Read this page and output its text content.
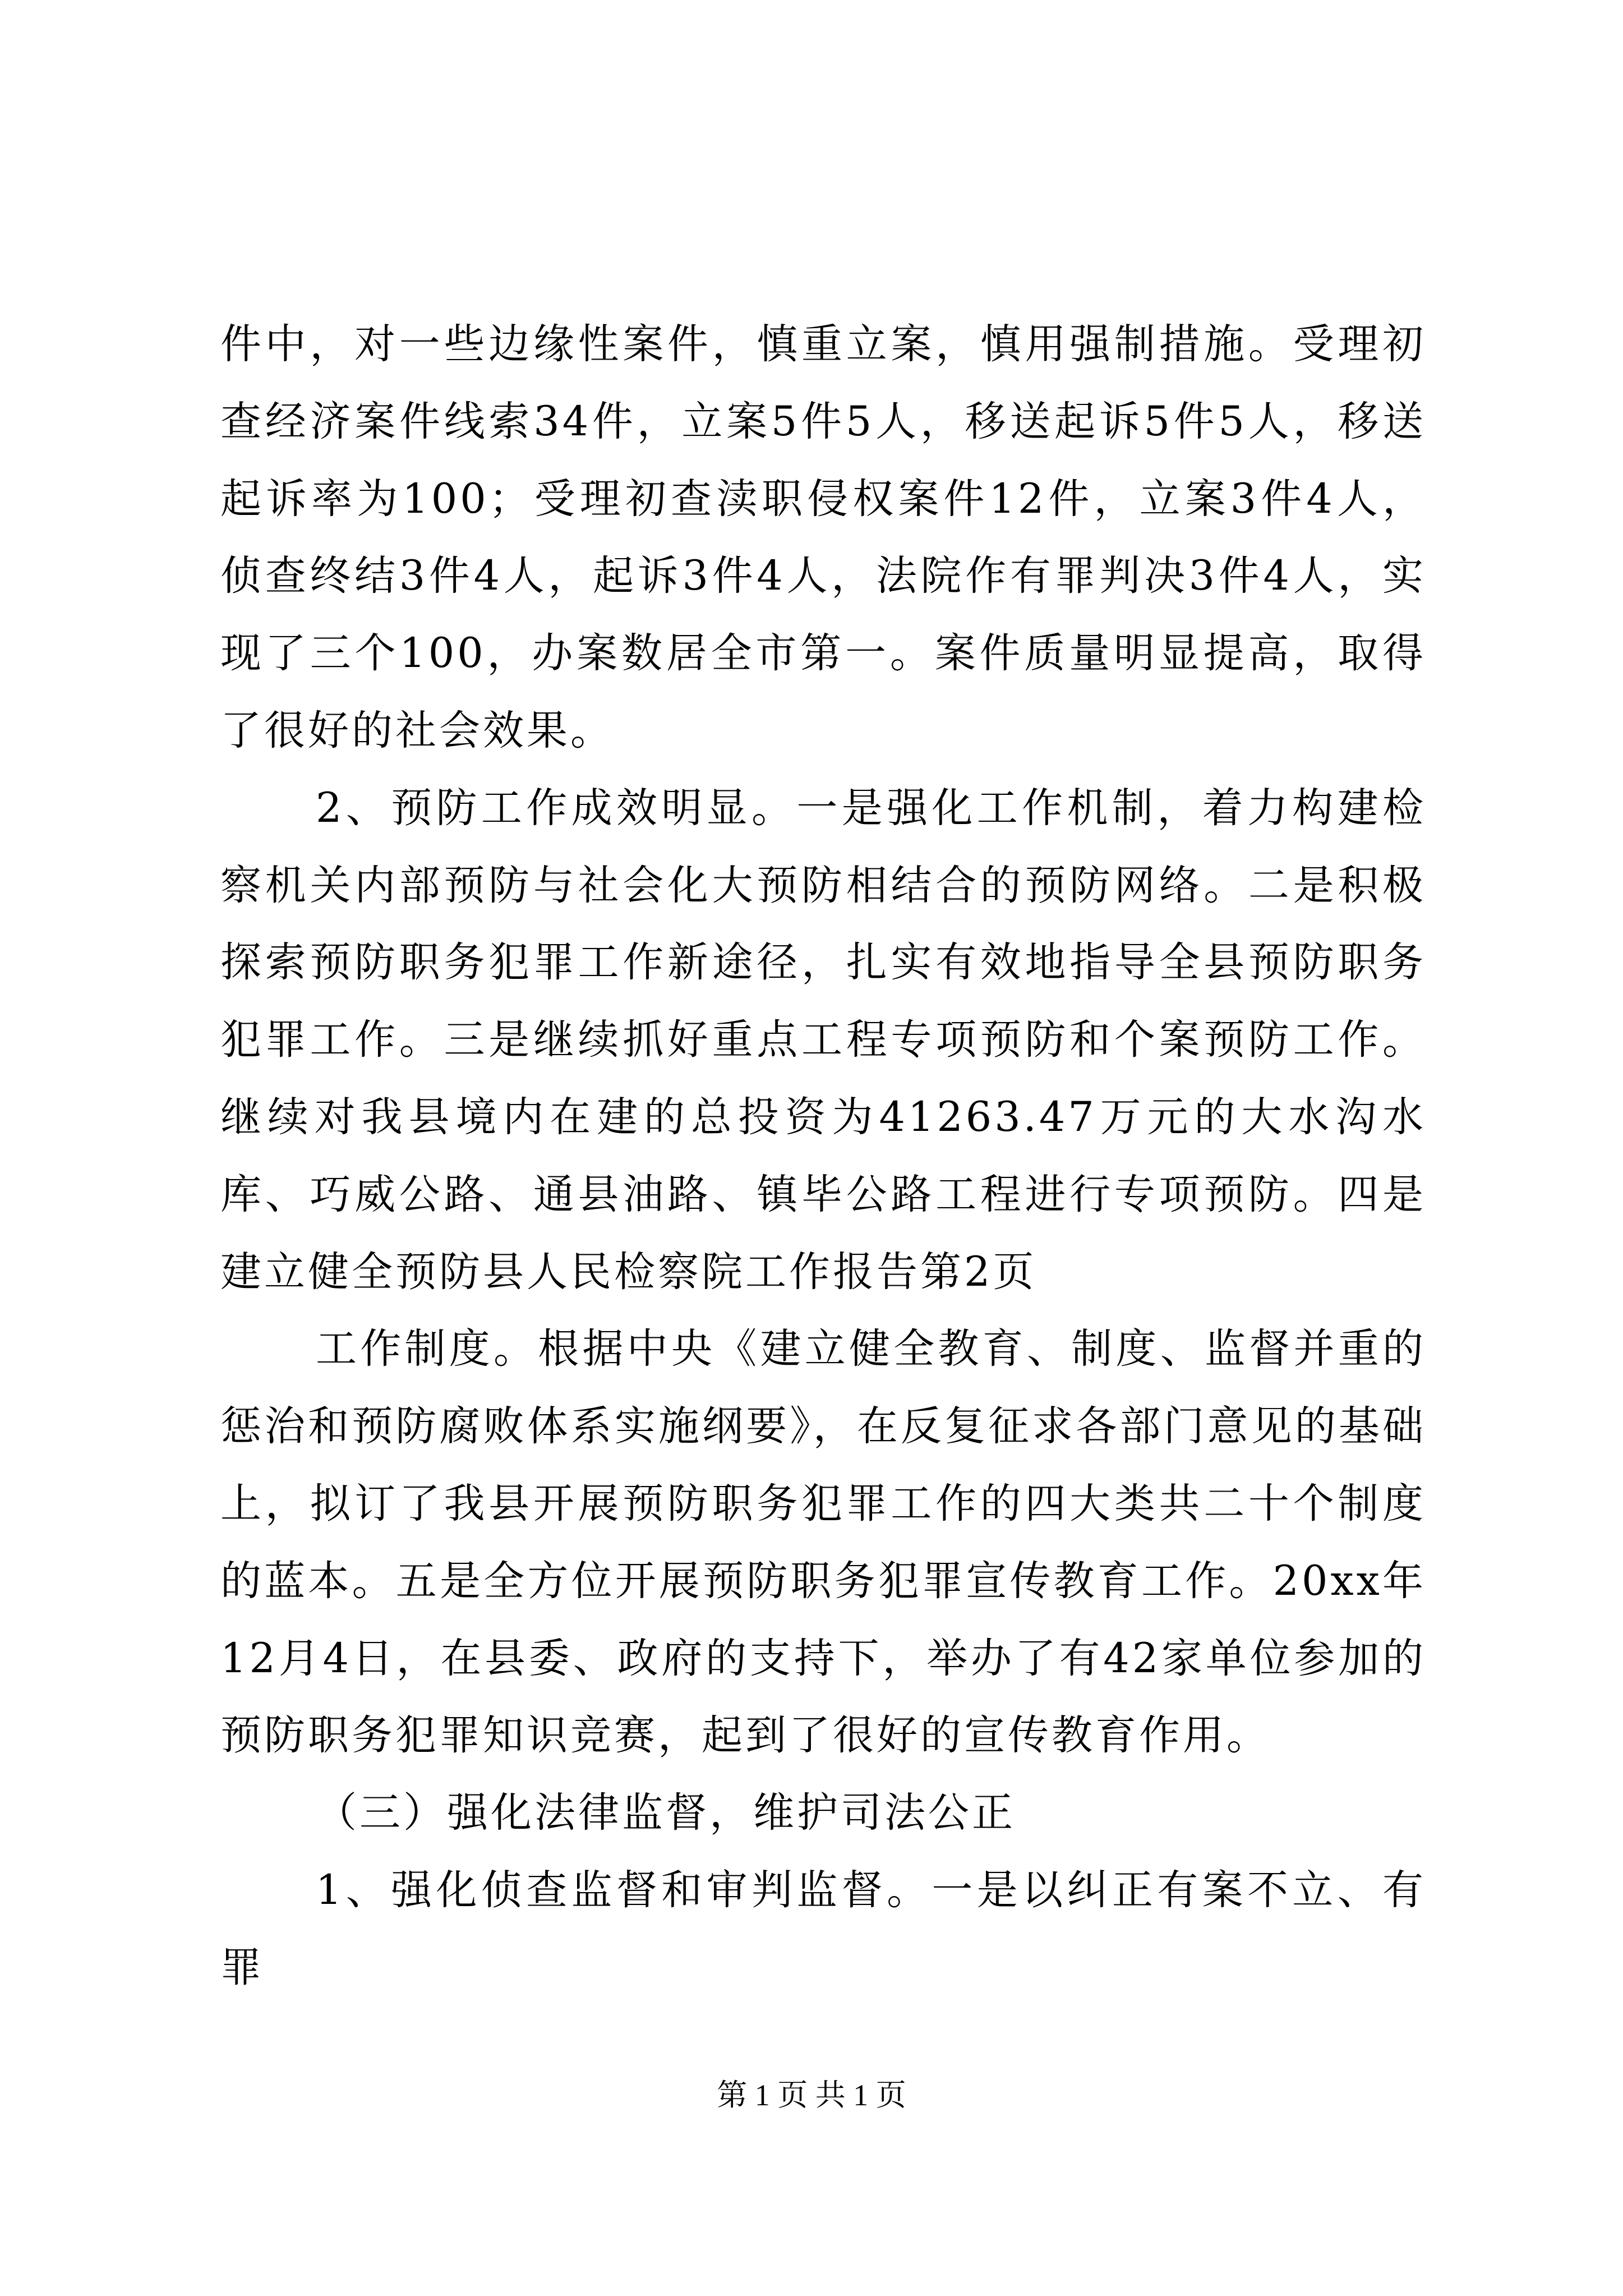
件中，对一些边缘性案件，慎重立案，慎用强制措施。受理初查经济案件线索34件，立案5件5人，移送起诉5件5人，移送起诉率为100；受理初查渎职侵权案件12件，立案3件4人，侦查终结3件4人，起诉3件4人，法院作有罪判决3件4人，实现了三个100，办案数居全市第一。案件质量明显提高，取得了很好的社会效果。

2、预防工作成效明显。一是强化工作机制，着力构建检察机关内部预防与社会化大预防相结合的预防网络。二是积极探索预防职务犯罪工作新途径，扎实有效地指导全县预防职务犯罪工作。三是继续抓好重点工程专项预防和个案预防工作。继续对我县境内在建的总投资为41263.47万元的大水沟水库、巧威公路、通县油路、镇毕公路工程进行专项预防。四是建立健全预防县人民检察院工作报告第2页

工作制度。根据中央《建立健全教育、制度、监督并重的惩治和预防腐败体系实施纲要》，在反复征求各部门意见的基础上，拟订了我县开展预防职务犯罪工作的四大类共二十个制度的蓝本。五是全方位开展预防职务犯罪宣传教育工作。20xx年12月4日，在县委、政府的支持下，举办了有42家单位参加的预防职务犯罪知识竞赛，起到了很好的宣传教育作用。

（三）强化法律监督，维护司法公正

1、强化侦查监督和审判监督。一是以纠正有案不立、有罪

第 1 页 共 1 页
